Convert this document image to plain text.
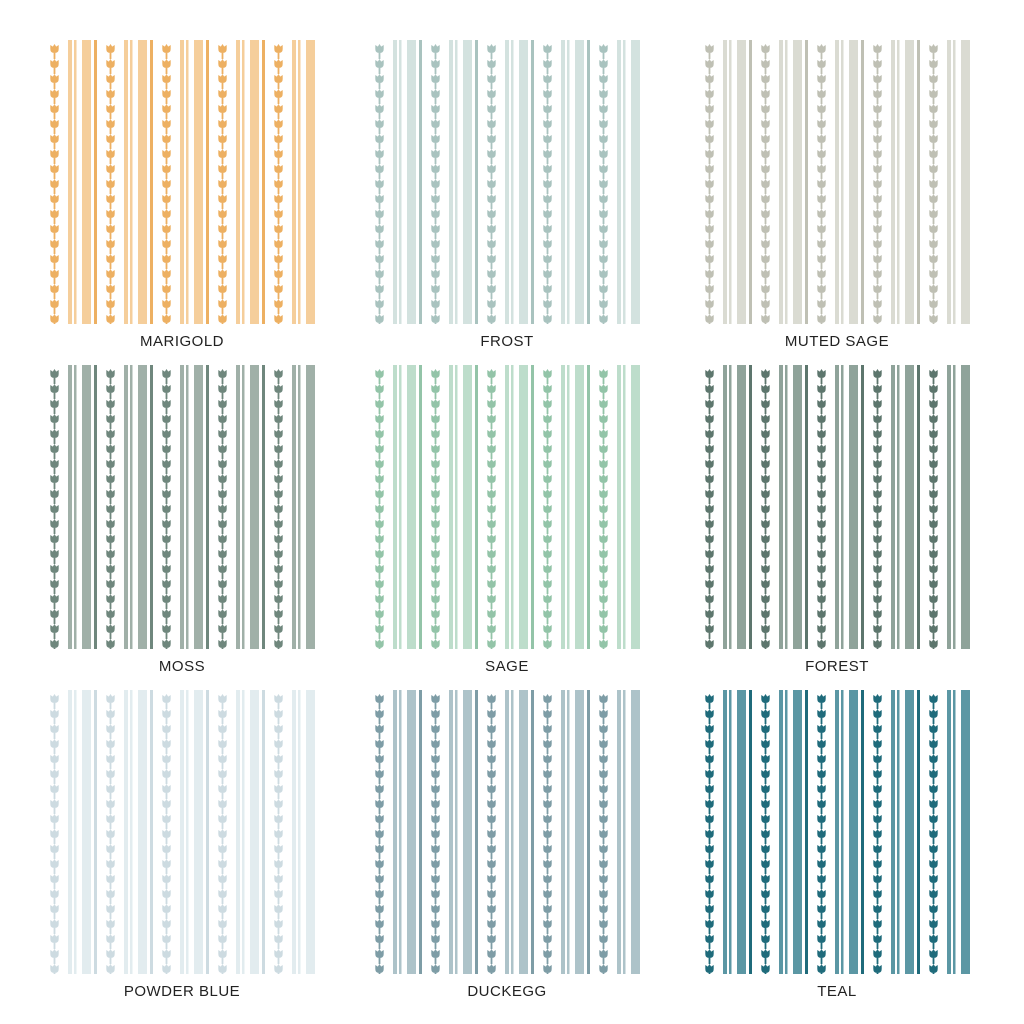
MARIGOLD	FROST	MUTED SAGE
MOSS	SAGE	FOREST
POWDER BLUE	DUCKEGG	TEAL
